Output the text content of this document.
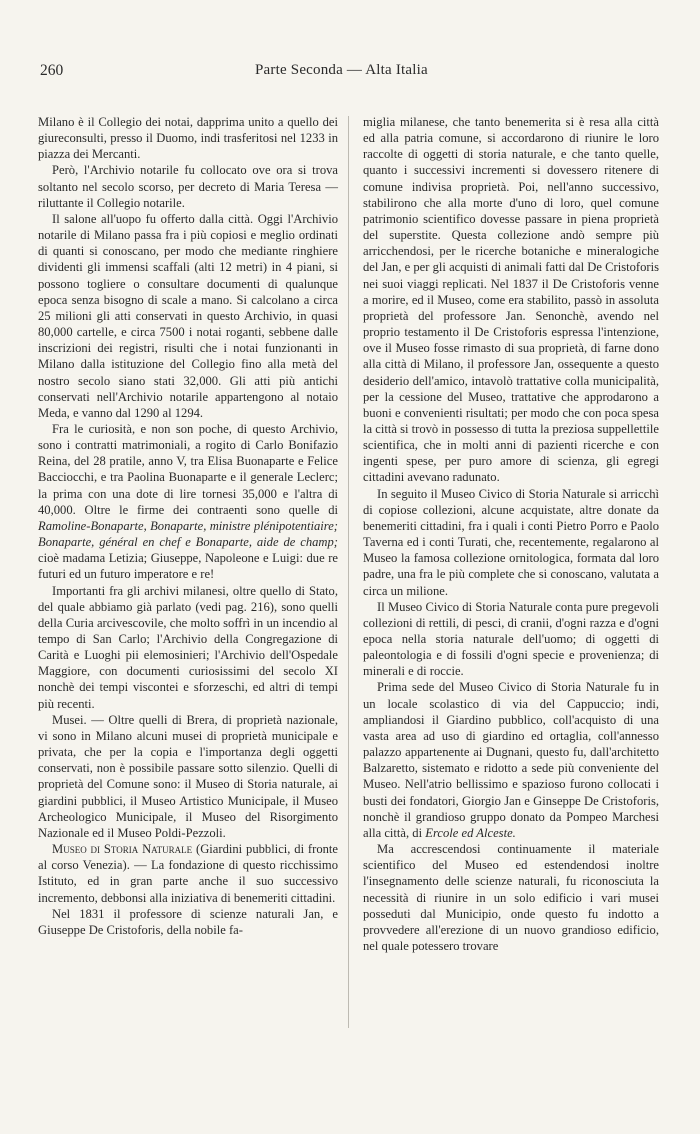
260	Parte Seconda — Alta Italia

Milano è il Collegio dei notai, dapprima unito a quello dei giureconsulti, presso il Duomo, indi trasferitosi nel 1233 in piazza dei Mercanti.

Però, l'Archivio notarile fu collocato ove ora si trova soltanto nel secolo scorso, per decreto di Maria Teresa — riluttante il Collegio notarile.

Il salone all'uopo fu offerto dalla città. Oggi l'Archivio notarile di Milano passa fra i più copiosi e meglio ordinati di quanti si conoscano, per modo che mediante ringhiere dividenti gli immensi scaffali (alti 12 metri) in 4 piani, si possono togliere o consultare documenti di qualunque epoca senza bisogno di scale a mano. Si calcolano a circa 25 milioni gli atti conservati in questo Archivio, in quasi 80,000 cartelle, e circa 7500 i notai roganti, sebbene dalle inscrizioni dei registri, risulti che i notai funzionanti in Milano dalla istituzione del Collegio fino alla metà del nostro secolo siano stati 32,000. Gli atti più antichi conservati nell'Archivio notarile appartengono al notaio Meda, e vanno dal 1290 al 1294.

Fra le curiosità, e non son poche, di questo Archivio, sono i contratti matrimoniali, a rogito di Carlo Bonifazio Reina, del 28 pratile, anno V, tra Elisa Buonaparte e Felice Bacciocchi, e tra Paolina Buonaparte e il generale Leclerc; la prima con una dote di lire tornesi 35,000 e l'altra di 40,000. Oltre le firme dei contraenti sono quelle di Ramoline-Bonaparte, Bonaparte, ministre plénipotentiaire; Bonaparte, général en chef e Bonaparte, aide de champ; cioè madama Letizia; Giuseppe, Napoleone e Luigi: due re futuri ed un futuro imperatore e re!

Importanti fra gli archivi milanesi, oltre quello di Stato, del quale abbiamo già parlato (vedi pag. 216), sono quelli della Curia arcivescovile, che molto soffrì in un incendio al tempo di San Carlo; l'Archivio della Congregazione di Carità e Luoghi pii elemosinieri; l'Archivio dell'Ospedale Maggiore, con documenti curiosissimi del secolo XI nonchè dei tempi viscontei e sforzeschi, ed altri di tempi più recenti.

Musei. — Oltre quelli di Brera, di proprietà nazionale, vi sono in Milano alcuni musei di proprietà municipale e privata, che per la copia e l'importanza degli oggetti conservati, non è possibile passare sotto silenzio. Quelli di proprietà del Comune sono: il Museo di Storia naturale, ai giardini pubblici, il Museo Artistico Municipale, il Museo Archeologico Municipale, il Museo del Risorgimento Nazionale ed il Museo Poldi-Pezzoli.

Museo di Storia Naturale (Giardini pubblici, di fronte al corso Venezia). — La fondazione di questo ricchissimo Istituto, ed in gran parte anche il suo successivo incremento, debbonsi alla iniziativa di benemeriti cittadini.

Nel 1831 il professore di scienze naturali Jan, e Giuseppe De Cristoforis, della nobile fa-

miglia milanese, che tanto benemerita si è resa alla città ed alla patria comune, si accordarono di riunire le loro raccolte di oggetti di storia naturale, e che tanto quelle, quanto i successivi incrementi si dovessero ritenere di comune indivisa proprietà. Poi, nell'anno successivo, stabilirono che alla morte d'uno di loro, quel comune patrimonio scientifico dovesse passare in piena proprietà del superstite. Questa collezione andò sempre più arricchendosi, per le ricerche botaniche e mineralogiche del Jan, e per gli acquisti di animali fatti dal De Cristoforis nei suoi viaggi replicati. Nel 1837 il De Cristoforis venne a morire, ed il Museo, come era stabilito, passò in assoluta proprietà del professore Jan. Senonchè, avendo nel proprio testamento il De Cristoforis espressa l'intenzione, ove il Museo fosse rimasto di sua proprietà, di farne dono alla città di Milano, il professore Jan, ossequente a questo desiderio dell'amico, intavolò trattative colla municipalità, per la cessione del Museo, trattative che approdarono a buoni e convenienti risultati; per modo che con poca spesa la città si trovò in possesso di tutta la preziosa suppellettile scientifica, che in molti anni di pazienti ricerche e con ingenti spese, per puro amore di scienza, gli egregi cittadini avevano radunato.

In seguito il Museo Civico di Storia Naturale si arricchì di copiose collezioni, alcune acquistate, altre donate da benemeriti cittadini, fra i quali i conti Pietro Porro e Paolo Taverna ed i conti Turati, che, recentemente, regalarono al Museo la famosa collezione ornitologica, formata dal loro padre, una fra le più complete che si conoscano, valutata a circa un milione.

Il Museo Civico di Storia Naturale conta pure pregevoli collezioni di rettili, di pesci, di cranii, d'ogni razza e d'ogni epoca nella storia naturale dell'uomo; di oggetti di paleontologia e di fossili d'ogni specie e provenienza; di minerali e di roccie.

Prima sede del Museo Civico di Storia Naturale fu in un locale scolastico di via del Cappuccio; indi, ampliandosi il Giardino pubblico, coll'acquisto di una vasta area ad uso di giardino ed ortaglia, coll'annesso palazzo appartenente ai Dugnani, questo fu, dall'architetto Balzaretto, sistemato e ridotto a sede più conveniente del Museo. Nell'atrio bellissimo e spazioso furono collocati i busti dei fondatori, Giorgio Jan e Ginseppe De Cristoforis, nonchè il grandioso gruppo donato da Pompeo Marchesi alla città, di Ercole ed Alceste.

Ma accrescendosi continuamente il materiale scientifico del Museo ed estendendosi inoltre l'insegnamento delle scienze naturali, fu riconosciuta la necessità di riunire in un solo edificio i vari musei posseduti dal Municipio, onde questo fu indotto a provvedere all'erezione di un nuovo grandioso edificio, nel quale potessero trovare
